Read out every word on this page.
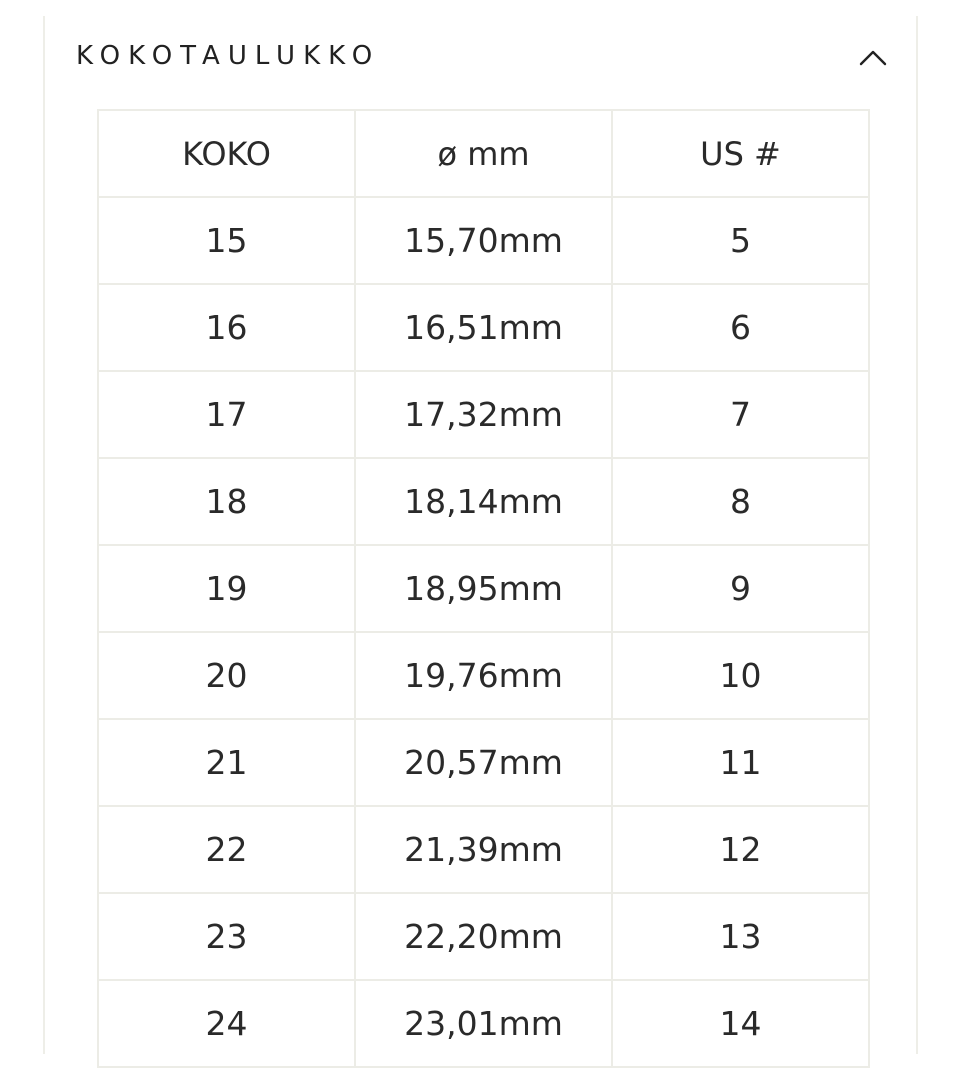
KOKOTAULUKKO
KOKO	ø mm	US #
15	15,70mm	5
16	16,51mm	6
17	17,32mm	7
18	18,14mm	8
19	18,95mm	9
20	19,76mm	10
21	20,57mm	11
22	21,39mm	12
23	22,20mm	13
24	23,01mm	14
